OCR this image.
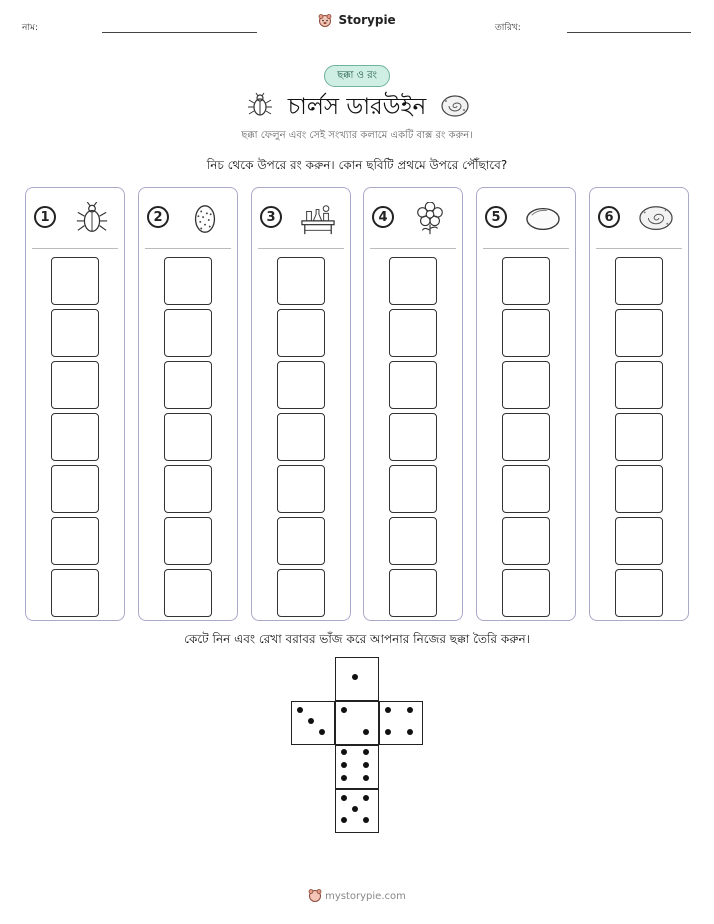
নাম:
Storypie
তারিখ:
ছক্কা ও রং
চার্লস ডারউইন
ছক্কা ফেলুন এবং সেই সংখ্যার কলামে একটি বাক্স রং করুন।
নিচ থেকে উপরে রং করুন। কোন ছবিটি প্রথমে উপরে পৌঁছাবে?
1	2	3	4	5	6
কেটে নিন এবং রেখা বরাবর ভাঁজ করে আপনার নিজের ছক্কা তৈরি করুন।
mystorypie.com
